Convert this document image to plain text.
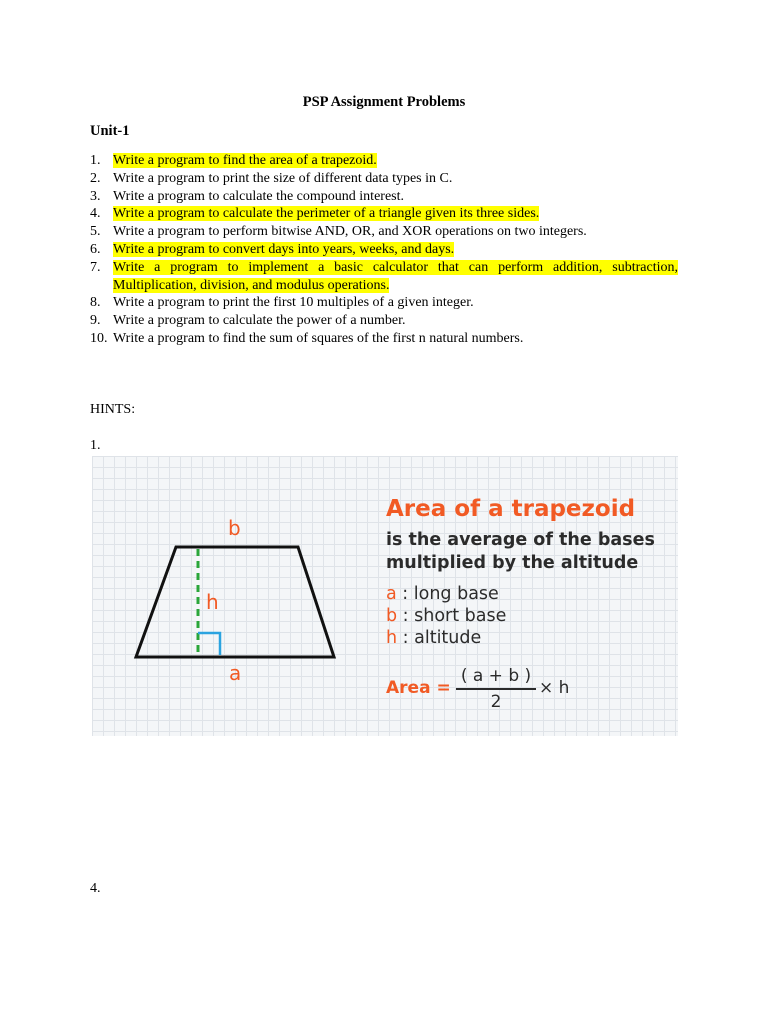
PSP Assignment Problems
Unit-1
1. Write a program to find the area of a trapezoid.
2. Write a program to print the size of different data types in C.
3. Write a program to calculate the compound interest.
4. Write a program to calculate the perimeter of a triangle given its three sides.
5. Write a program to perform bitwise AND, OR, and XOR operations on two integers.
6. Write a program to convert days into years, weeks, and days.
7. Write a program to implement a basic calculator that can perform addition, subtraction, Multiplication, division, and modulus operations.
8. Write a program to print the first 10 multiples of a given integer.
9. Write a program to calculate the power of a number.
10. Write a program to find the sum of squares of the first n natural numbers.
HINTS:
1.
b
h
a
Area of a trapezoid
is the average of the bases
multiplied by the altitude
a : long base
b : short base
h : altitude
Area = $\frac{( a + b )}{2} \times h$
4.
